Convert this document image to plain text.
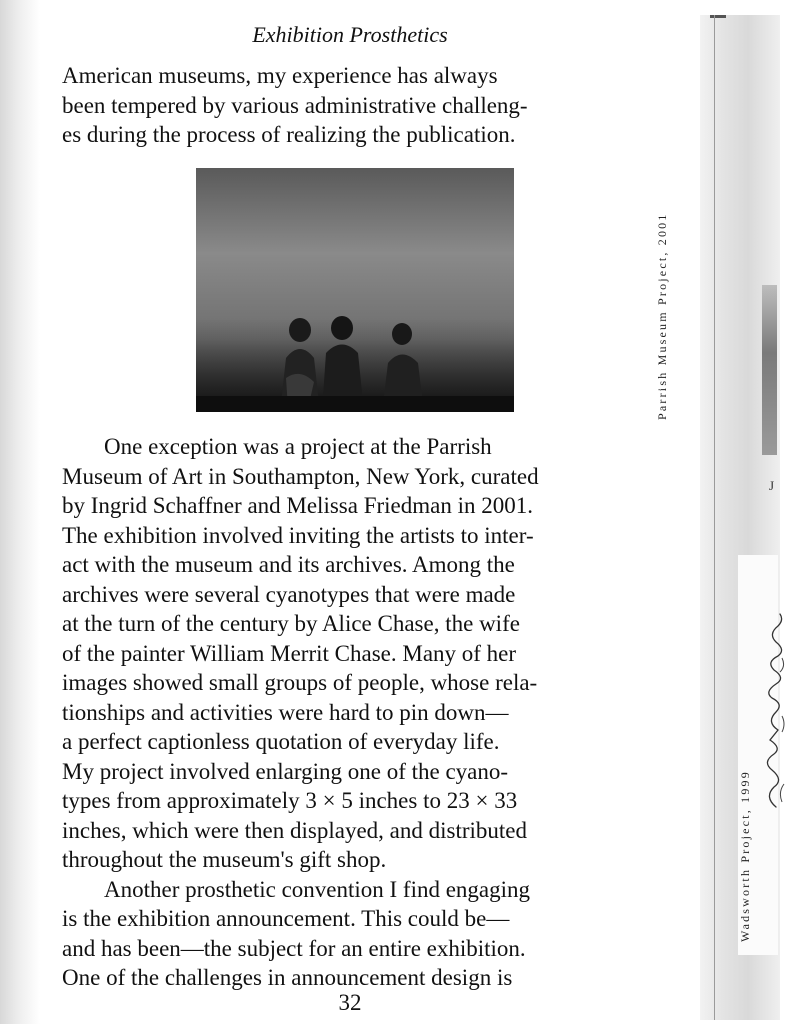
Exhibition Prosthetics
American museums, my experience has always
been tempered by various administrative challeng-
es during the process of realizing the publication.
Parrish Museum Project, 2001
One exception was a project at the Parrish
Museum of Art in Southampton, New York, curated
by Ingrid Schaffner and Melissa Friedman in 2001.
The exhibition involved inviting the artists to inter-
act with the museum and its archives. Among the
archives were several cyanotypes that were made
at the turn of the century by Alice Chase, the wife
of the painter William Merrit Chase. Many of her
images showed small groups of people, whose rela-
tionships and activities were hard to pin down—
a perfect captionless quotation of everyday life.
My project involved enlarging one of the cyano-
types from approximately 3 × 5 inches to 23 × 33
inches, which were then displayed, and distributed
throughout the museum's gift shop.
Another prosthetic convention I find engaging
is the exhibition announcement. This could be—
and has been—the subject for an entire exhibition.
One of the challenges in announcement design is
J
Wadsworth Project, 1999
32
